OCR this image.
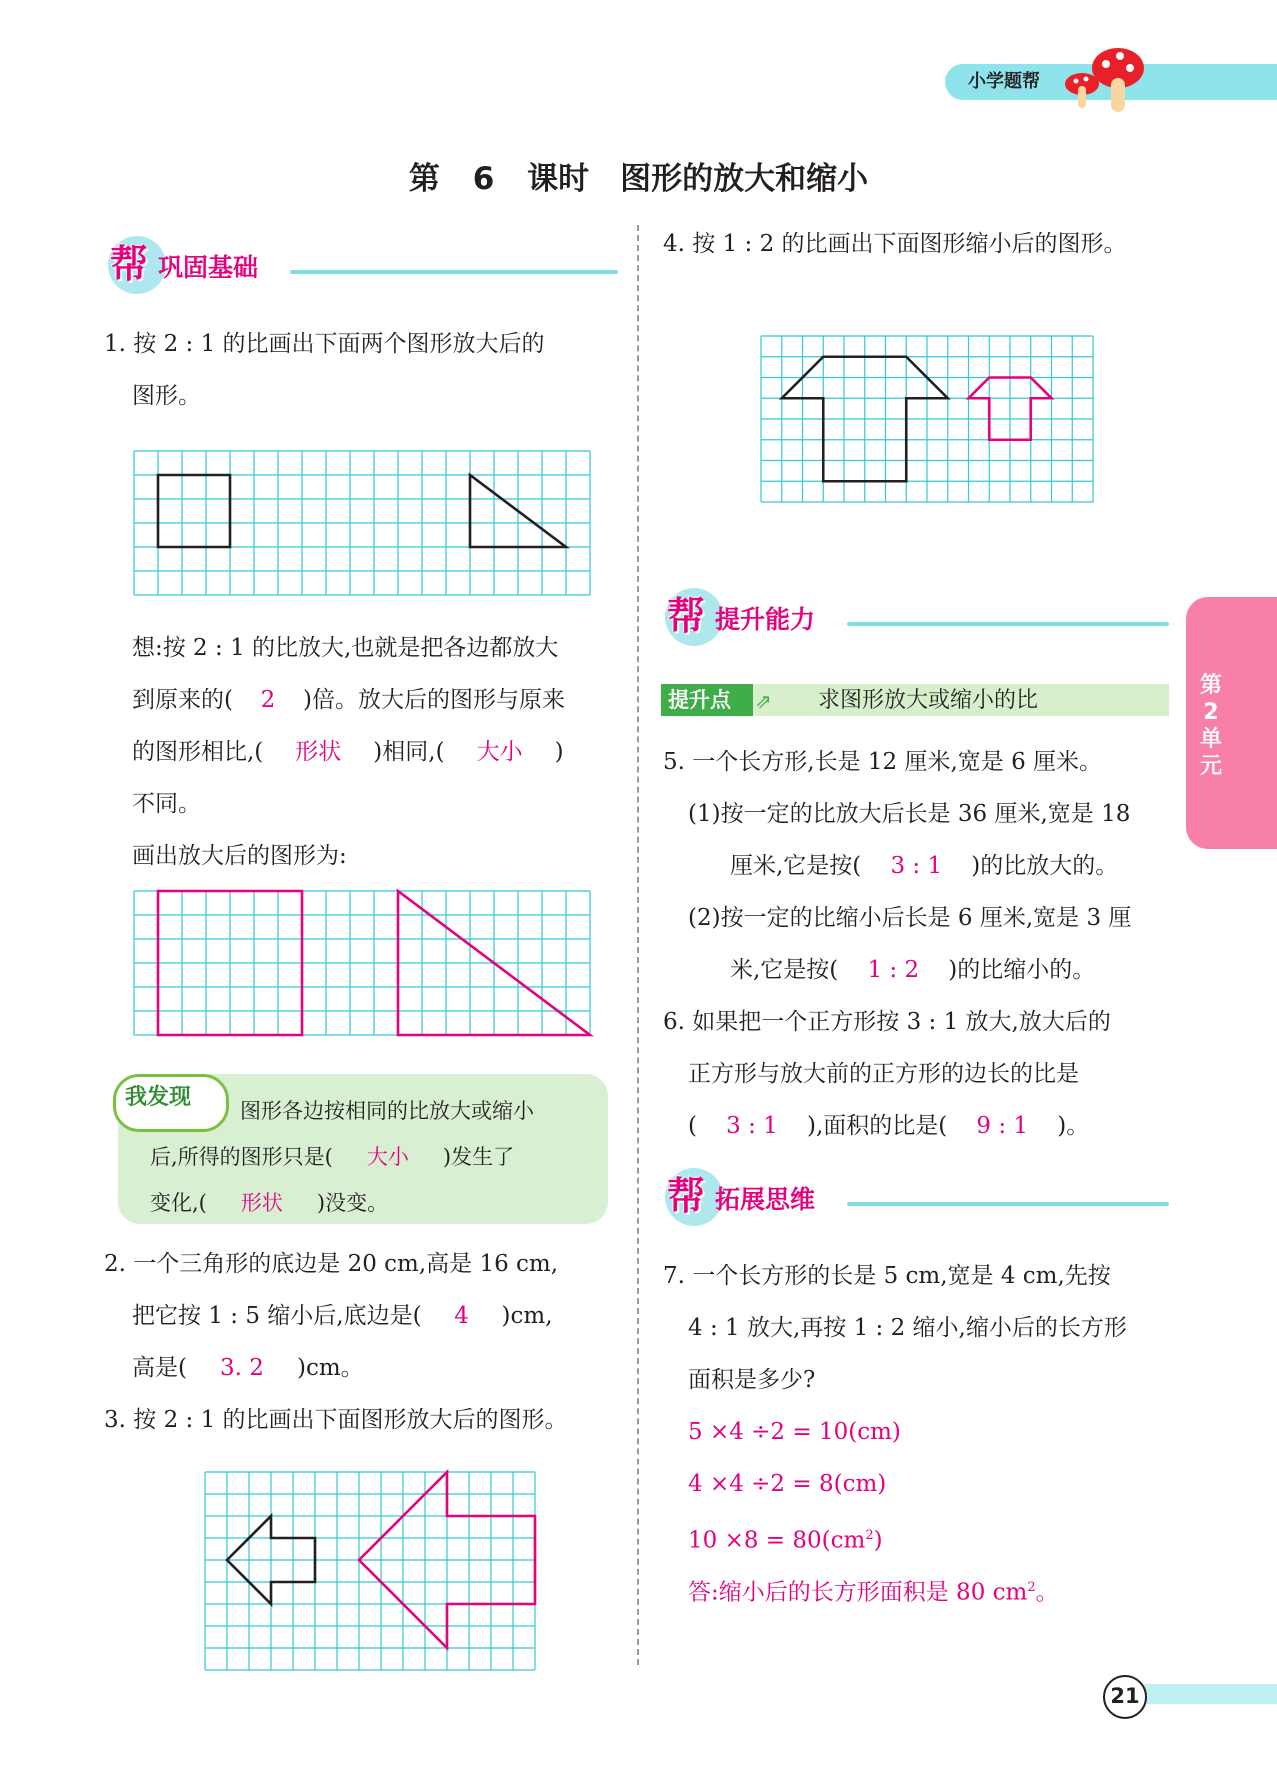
小学题帮
第 6 课时　图形的放大和缩小
帮 巩固基础
1. 按 2 : 1 的比画出下面两个图形放大后的
图形。
想:按 2 : 1 的比放大,也就是把各边都放大
到原来的( 2 )倍。放大后的图形与原来
的图形相比,( 形状 )相同,( 大小 )
不同。
画出放大后的图形为:
我发现
图形各边按相同的比放大或缩小
后,所得的图形只是( 大小 )发生了
变化,( 形状 )没变。
2. 一个三角形的底边是 20 cm,高是 16 cm,
把它按 1 : 5 缩小后,底边是( 4 )cm,
高是( 3. 2 )cm。
3. 按 2 : 1 的比画出下面图形放大后的图形。
4. 按 1 : 2 的比画出下面图形缩小后的图形。
帮 提升能力
提升点 ⇗ 求图形放大或缩小的比
5. 一个长方形,长是 12 厘米,宽是 6 厘米。
(1)按一定的比放大后长是 36 厘米,宽是 18
厘米,它是按( 3 : 1 )的比放大的。
(2)按一定的比缩小后长是 6 厘米,宽是 3 厘
米,它是按( 1 : 2 )的比缩小的。
6. 如果把一个正方形按 3 : 1 放大,放大后的
正方形与放大前的正方形的边长的比是
( 3 : 1 ),面积的比是( 9 : 1 )。
帮 拓展思维
7. 一个长方形的长是 5 cm,宽是 4 cm,先按
4 : 1 放大,再按 1 : 2 缩小,缩小后的长方形
面积是多少?
5 ×4 ÷2 = 10(cm)
4 ×4 ÷2 = 8(cm)
$10 \times 8 = 80(cm^2)$
答:缩小后的长方形面积是 80 $cm^2$。
第2单元
21
